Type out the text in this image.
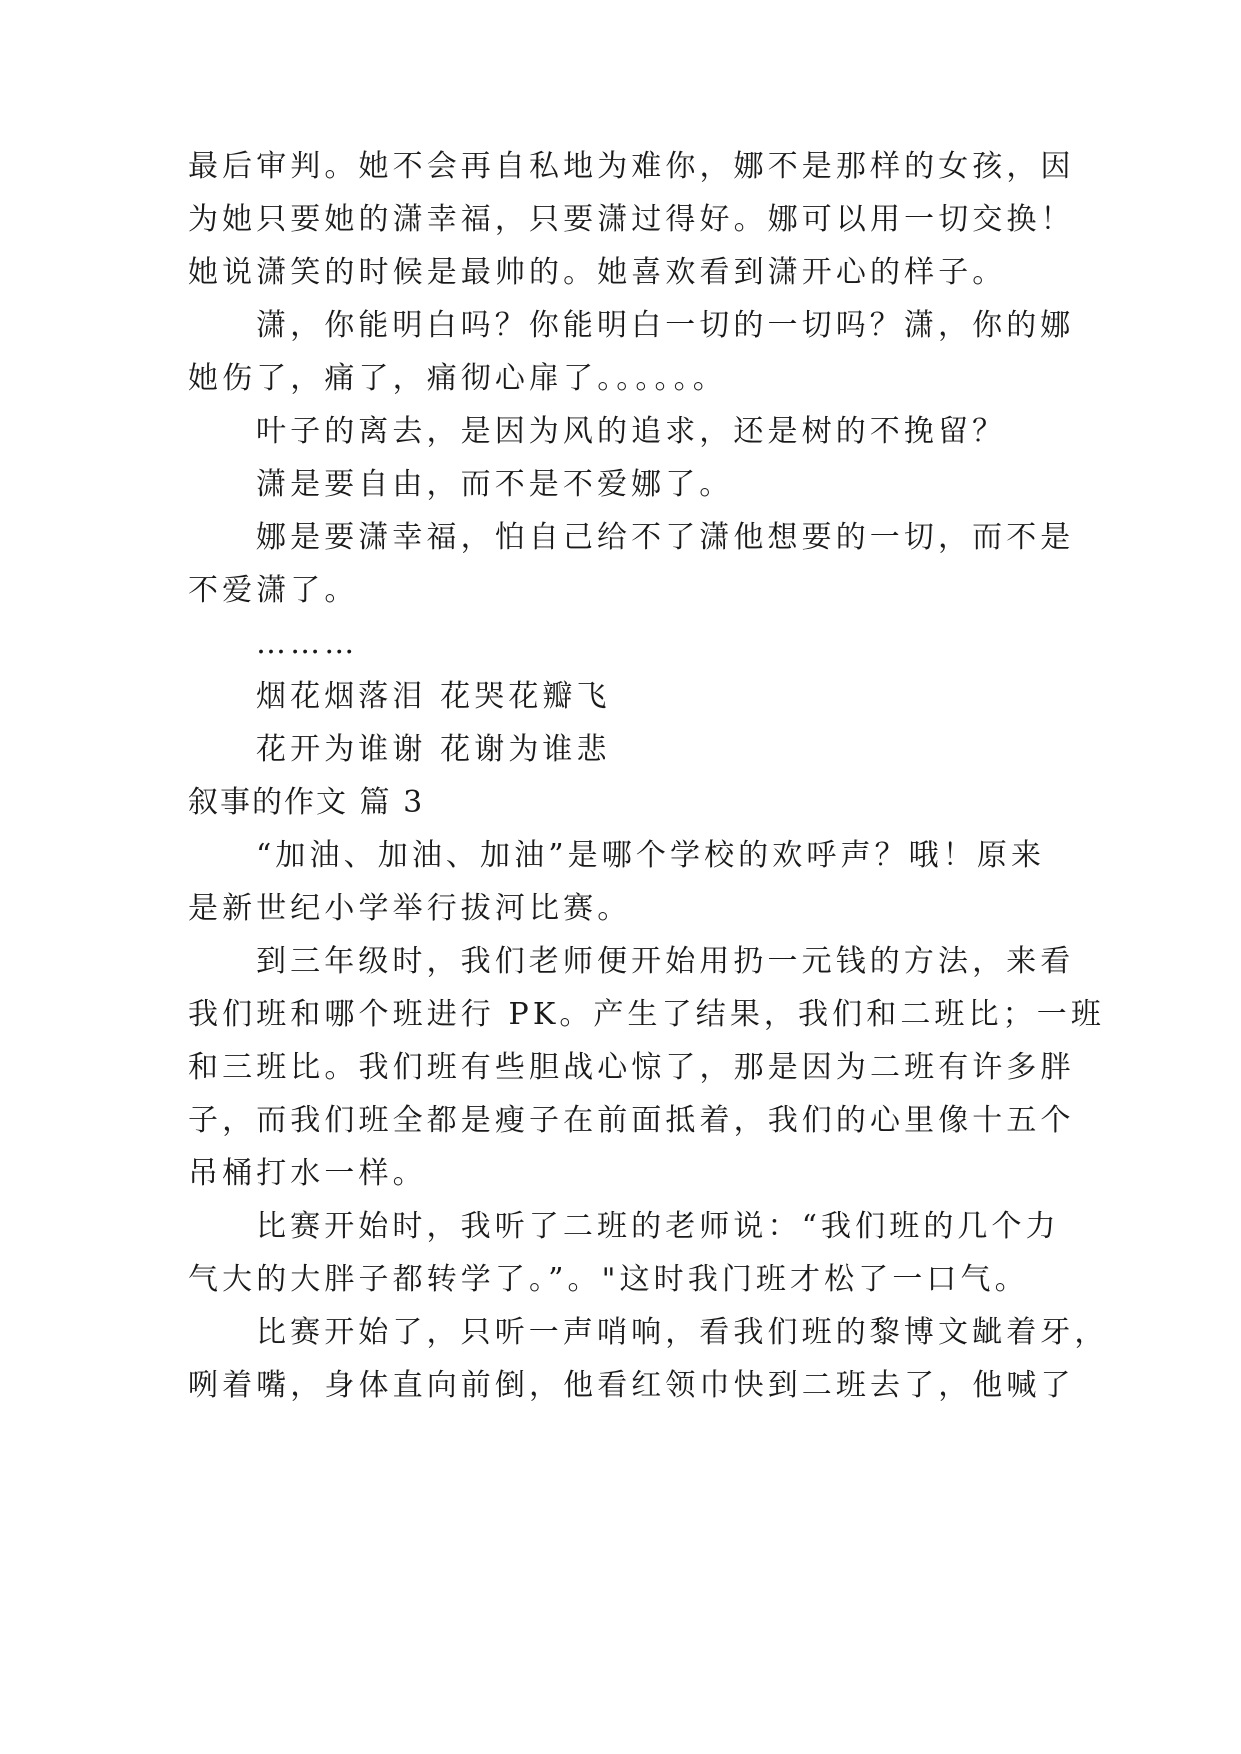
最后审判。她不会再自私地为难你，娜不是那样的女孩，因
为她只要她的潇幸福，只要潇过得好。娜可以用一切交换！
她说潇笑的时候是最帅的。她喜欢看到潇开心的样子。
潇，你能明白吗？你能明白一切的一切吗？潇，你的娜
她伤了，痛了，痛彻心扉了。。。。。。
叶子的离去，是因为风的追求，还是树的不挽留？
潇是要自由，而不是不爱娜了。
娜是要潇幸福，怕自己给不了潇他想要的一切，而不是
不爱潇了。
………
烟花烟落泪 花哭花瓣飞
花开为谁谢 花谢为谁悲
叙事的作文 篇 3
“加油、加油、加油”是哪个学校的欢呼声？哦！原来
是新世纪小学举行拔河比赛。
到三年级时，我们老师便开始用扔一元钱的方法，来看
我们班和哪个班进行 PK。产生了结果，我们和二班比；一班
和三班比。我们班有些胆战心惊了，那是因为二班有许多胖
子，而我们班全都是瘦子在前面抵着，我们的心里像十五个
吊桶打水一样。
比赛开始时，我听了二班的老师说：“我们班的几个力
气大的大胖子都转学了。”。"这时我门班才松了一口气。
比赛开始了，只听一声哨响，看我们班的黎博文龇着牙，
咧着嘴，身体直向前倒，他看红领巾快到二班去了，他喊了
